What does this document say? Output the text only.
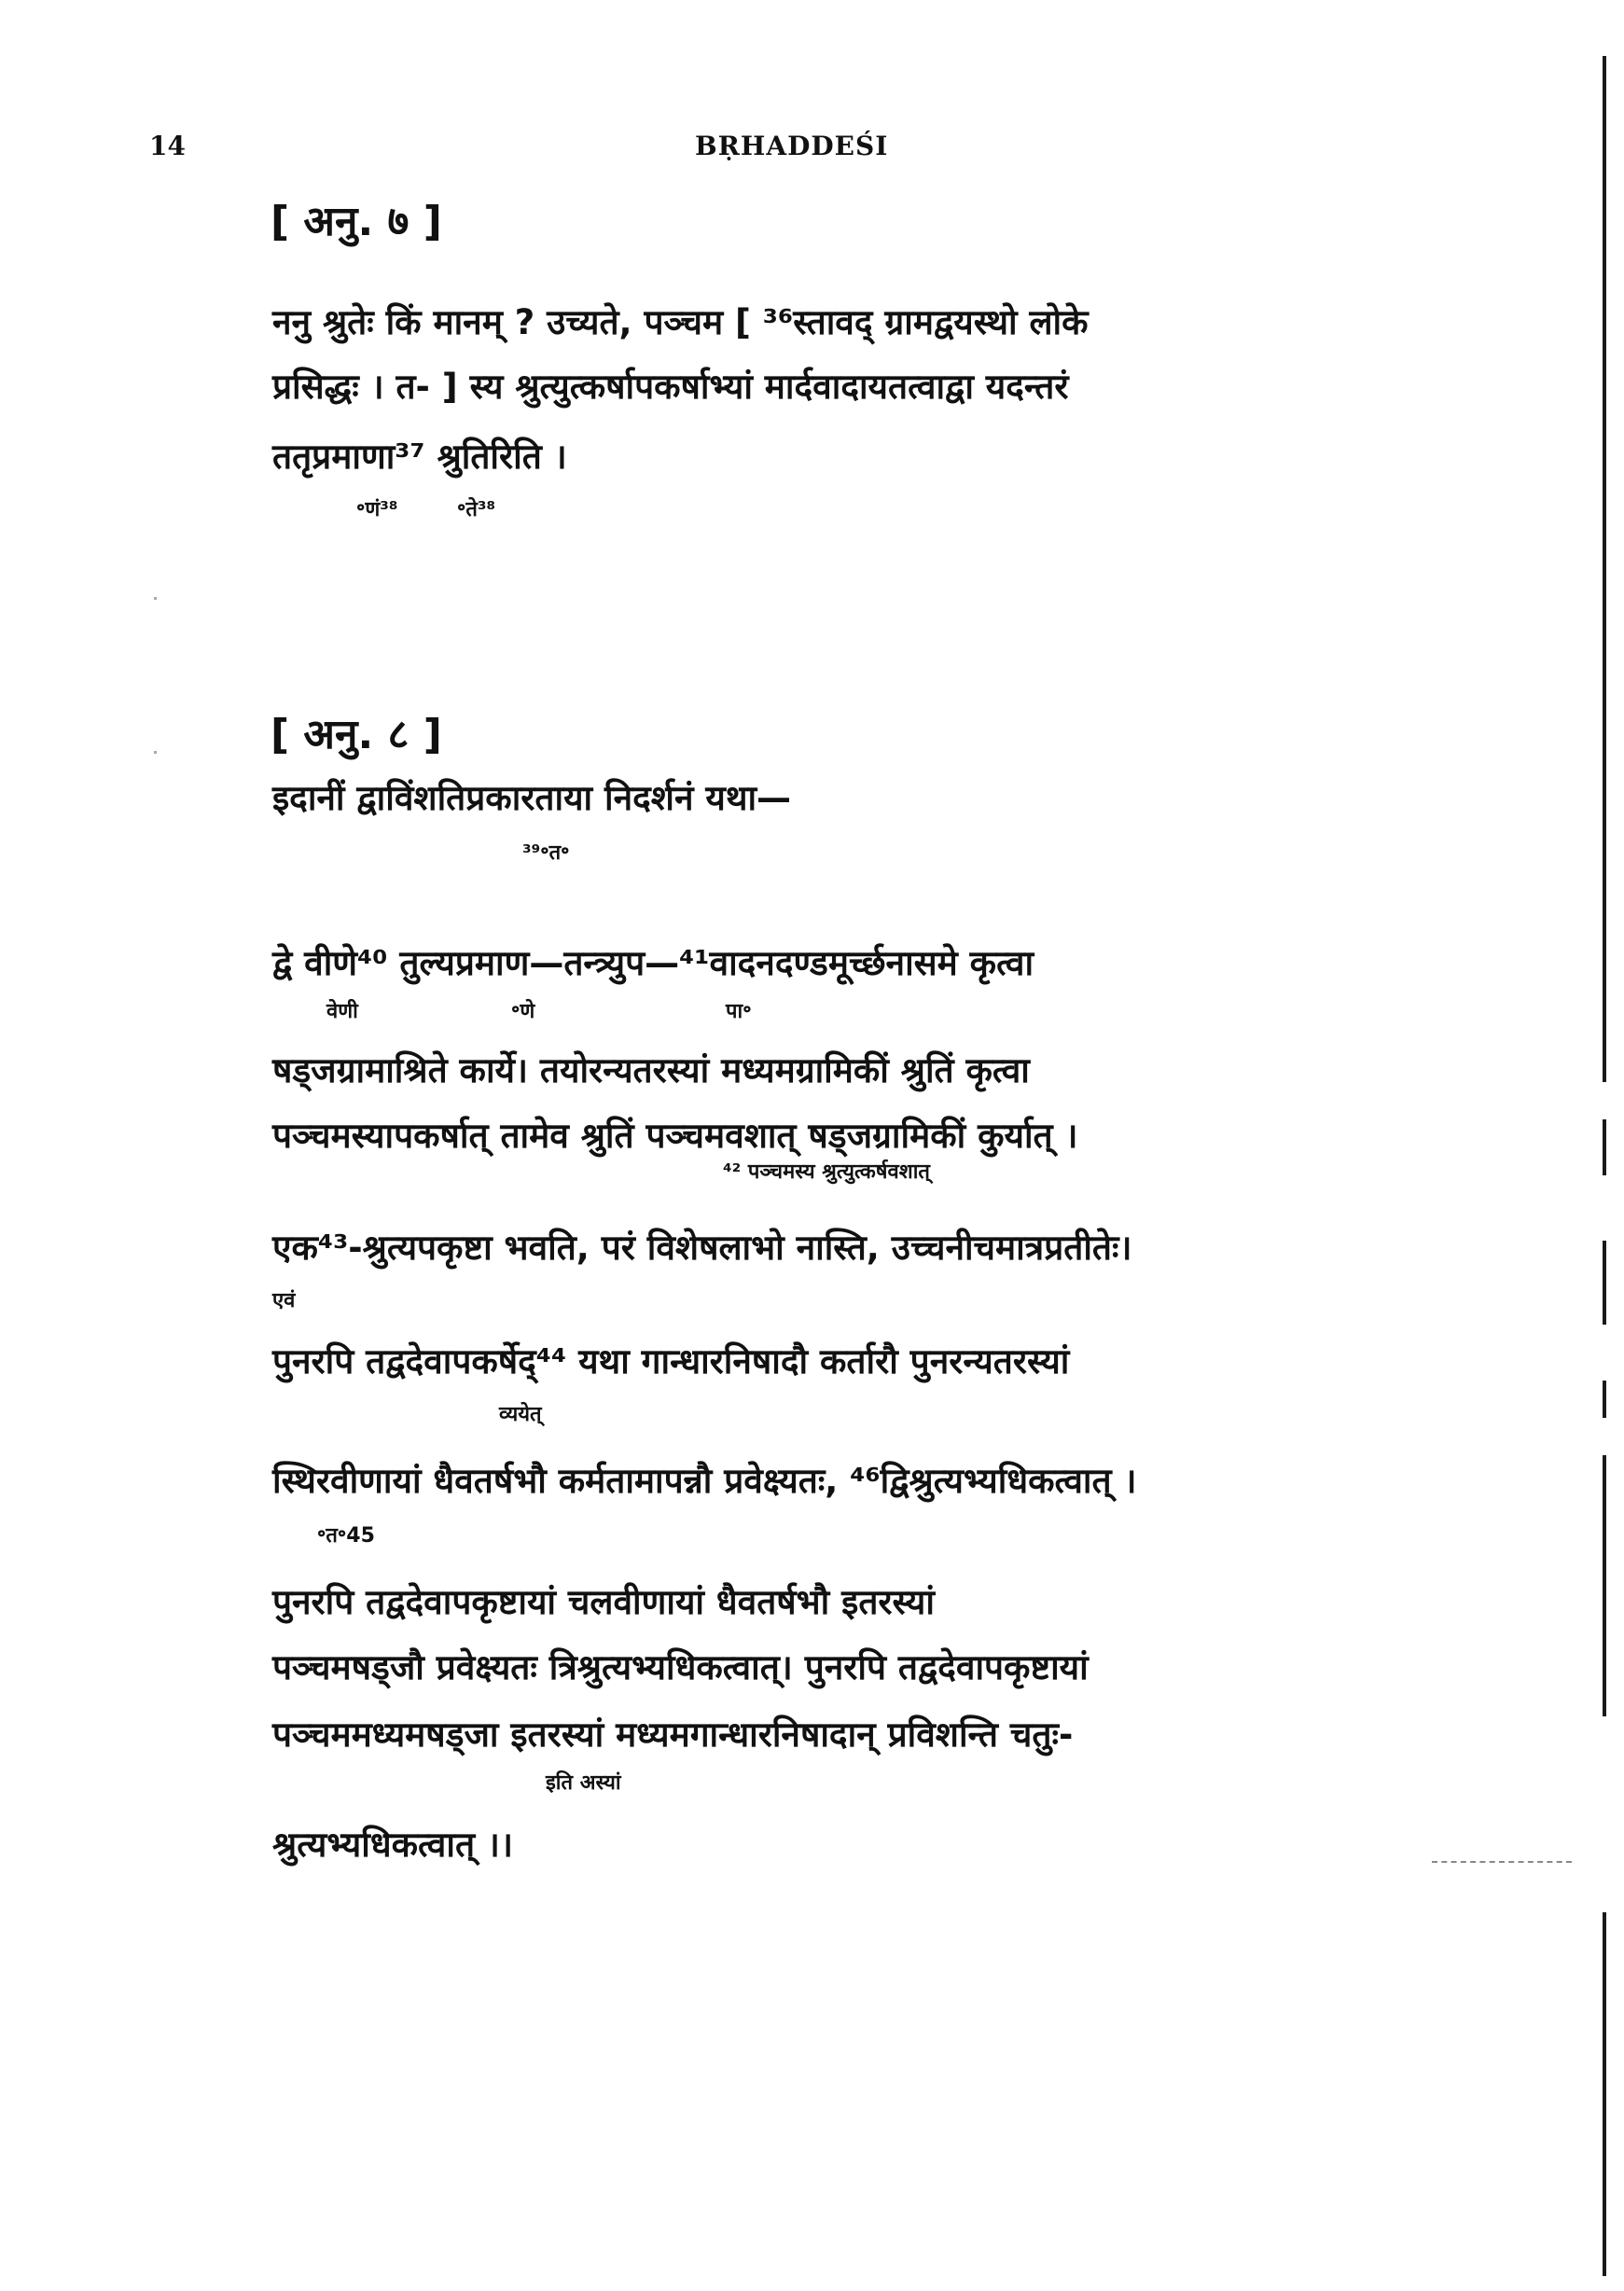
14	BṚHADDEŚI
[ अनु. ७ ]
ननु श्रुतेः किं मानम् ? उच्यते, पञ्चम [ ³⁶स्तावद् ग्रामद्वयस्थो लोके
प्रसिद्धः । त- ] स्य श्रुत्युत्कर्षापकर्षाभ्यां मार्दवादायतत्वाद्वा यदन्तरं
ततृप्रमाणा³⁷ श्रुतिरिति ।
॰णं³⁸	॰ते³⁸
[ अनु. ८ ]
इदानीं द्वाविंशतिप्रकारताया निदर्शनं यथा—
³⁹॰त॰
द्वे वीणे⁴⁰ तुल्यप्रमाण—तन्त्र्युप—⁴¹वादनदण्डमूर्च्छनासमे कृत्वा
वेणी	॰णे	पा॰
षड्जग्रामाश्रिते कार्ये। तयोरन्यतरस्यां मध्यमग्रामिकीं श्रुतिं कृत्वा
पञ्चमस्यापकर्षात् तामेव श्रुतिं पञ्चमवशात् षड्जग्रामिकीं कुर्यात् ।
⁴² पञ्चमस्य श्रुत्युत्कर्षवशात्
एक⁴³-श्रुत्यपकृष्टा भवति, परं विशेषलाभो नास्ति, उच्चनीचमात्रप्रतीतेः।
एवं
पुनरपि तद्वदेवापकर्षेद्⁴⁴ यथा गान्धारनिषादौ कर्तारौ पुनरन्यतरस्यां
व्ययेत्
स्थिरवीणायां धैवतर्षभौ कर्मतामापन्नौ प्रवेक्ष्यतः, ⁴⁶द्विश्रुत्यभ्यधिकत्वात् ।
॰त॰45
पुनरपि तद्वदेवापकृष्टायां चलवीणायां धैवतर्षभौ इतरस्यां
पञ्चमषड्जौ प्रवेक्ष्यतः त्रिश्रुत्यभ्यधिकत्वात्। पुनरपि तद्वदेवापकृष्टायां
पञ्चममध्यमषड्जा इतरस्यां मध्यमगान्धारनिषादान् प्रविशन्ति चतुः-
इति अस्यां
श्रुत्यभ्यधिकत्वात् ।।
